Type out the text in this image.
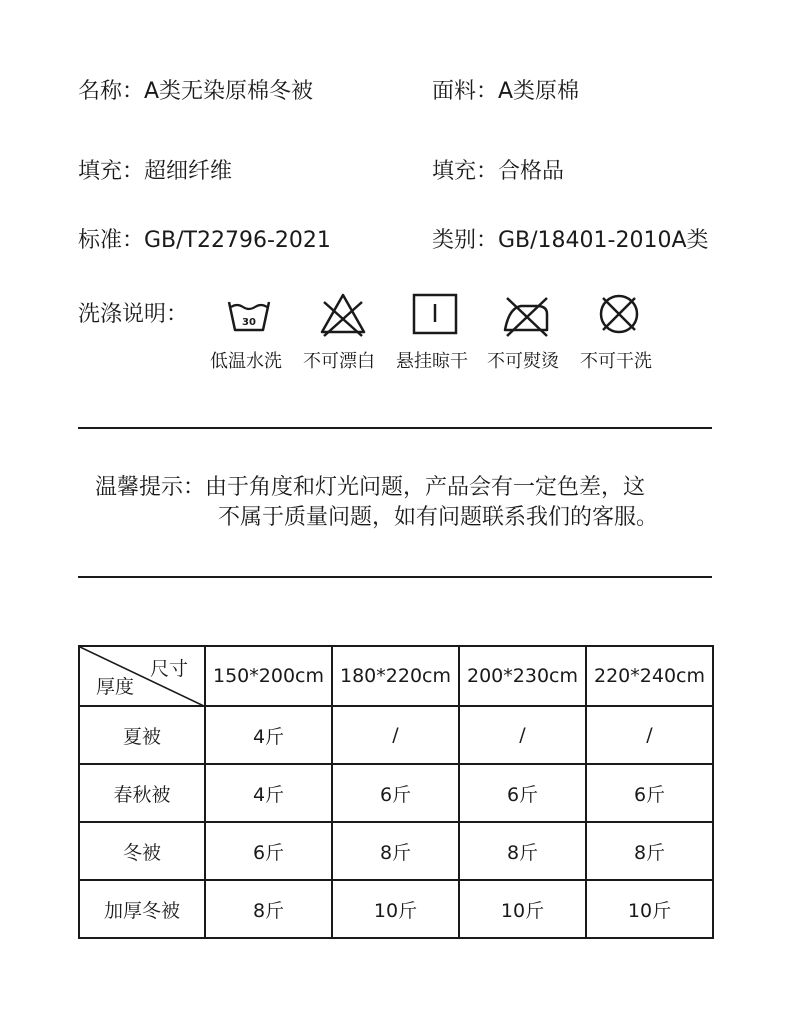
名称：A类无染原棉冬被	面料：A类原棉
填充：超细纤维	填充：合格品
标准：GB/T22796-2021	类别：GB/18401-2010A类
洗涤说明：	30
低温水洗 不可漂白 悬挂晾干 不可熨烫 不可干洗
温馨提示：由于角度和灯光问题，产品会有一定色差，这
不属于质量问题，如有问题联系我们的客服。
尺寸
厚度	150*200cm	180*220cm	200*230cm	220*240cm
夏被	4斤	/	/	/
春秋被	4斤	6斤	6斤	6斤
冬被	6斤	8斤	8斤	8斤
加厚冬被	8斤	10斤	10斤	10斤
